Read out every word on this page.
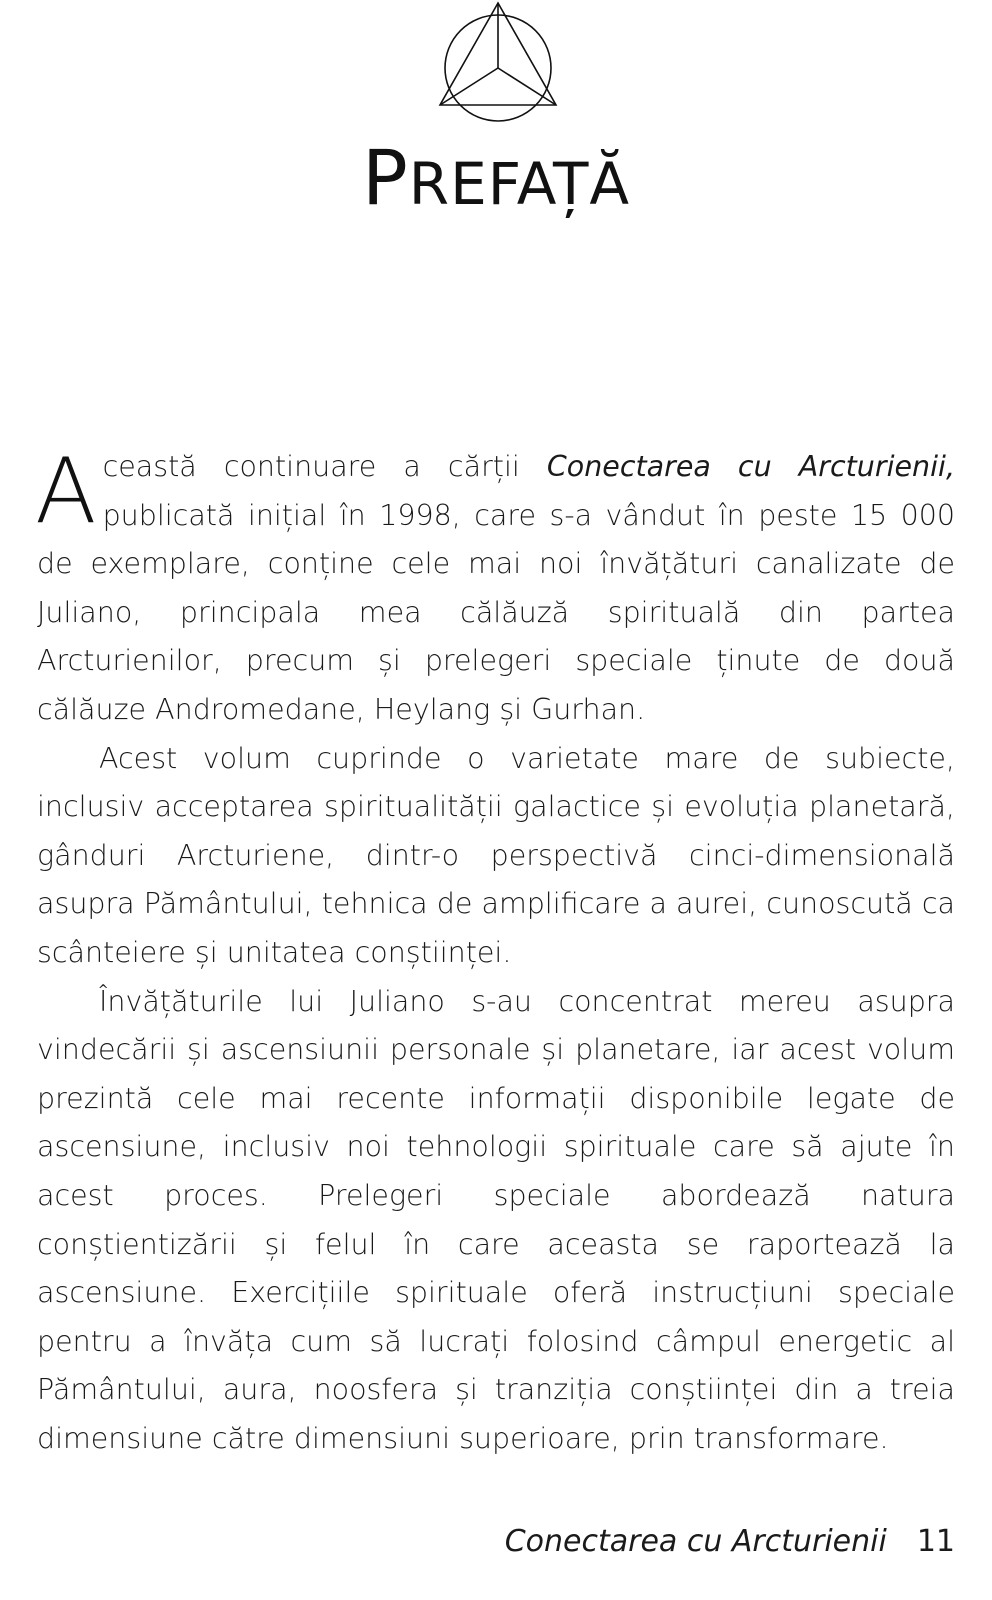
PREFAȚĂ

Această continuare a cărții Conectarea cu Arcturienii, publicată inițial în 1998, care s-a vândut în peste 15 000 de exemplare, conține cele mai noi învățături canalizate de Juliano, principala mea călăuză spirituală din partea Arcturienilor, precum și prelegeri speciale ținute de două călăuze Andromedane, Heylang și Gurhan.

Acest volum cuprinde o varietate mare de subiecte, inclusiv acceptarea spiritualității galactice și evoluția planetară, gânduri Arcturiene, dintr-o perspectivă cinci-dimensională asupra Pământului, tehnica de amplificare a aurei, cunoscută ca scânteiere și unitatea conștiinței.

Învățăturile lui Juliano s-au concentrat mereu asupra vindecării și ascensiunii personale și planetare, iar acest volum prezintă cele mai recente informații disponibile legate de ascensiune, inclusiv noi tehnologii spirituale care să ajute în acest proces. Prelegeri speciale abordează natura conștientizării și felul în care aceasta se raportează la ascensiune. Exercițiile spirituale oferă instrucțiuni speciale pentru a învăța cum să lucrați folosind câmpul energetic al Pământului, aura, noosfera și tranziția conștiinței din a treia dimensiune către dimensiuni superioare, prin transformare.

Conectarea cu Arcturienii 11
